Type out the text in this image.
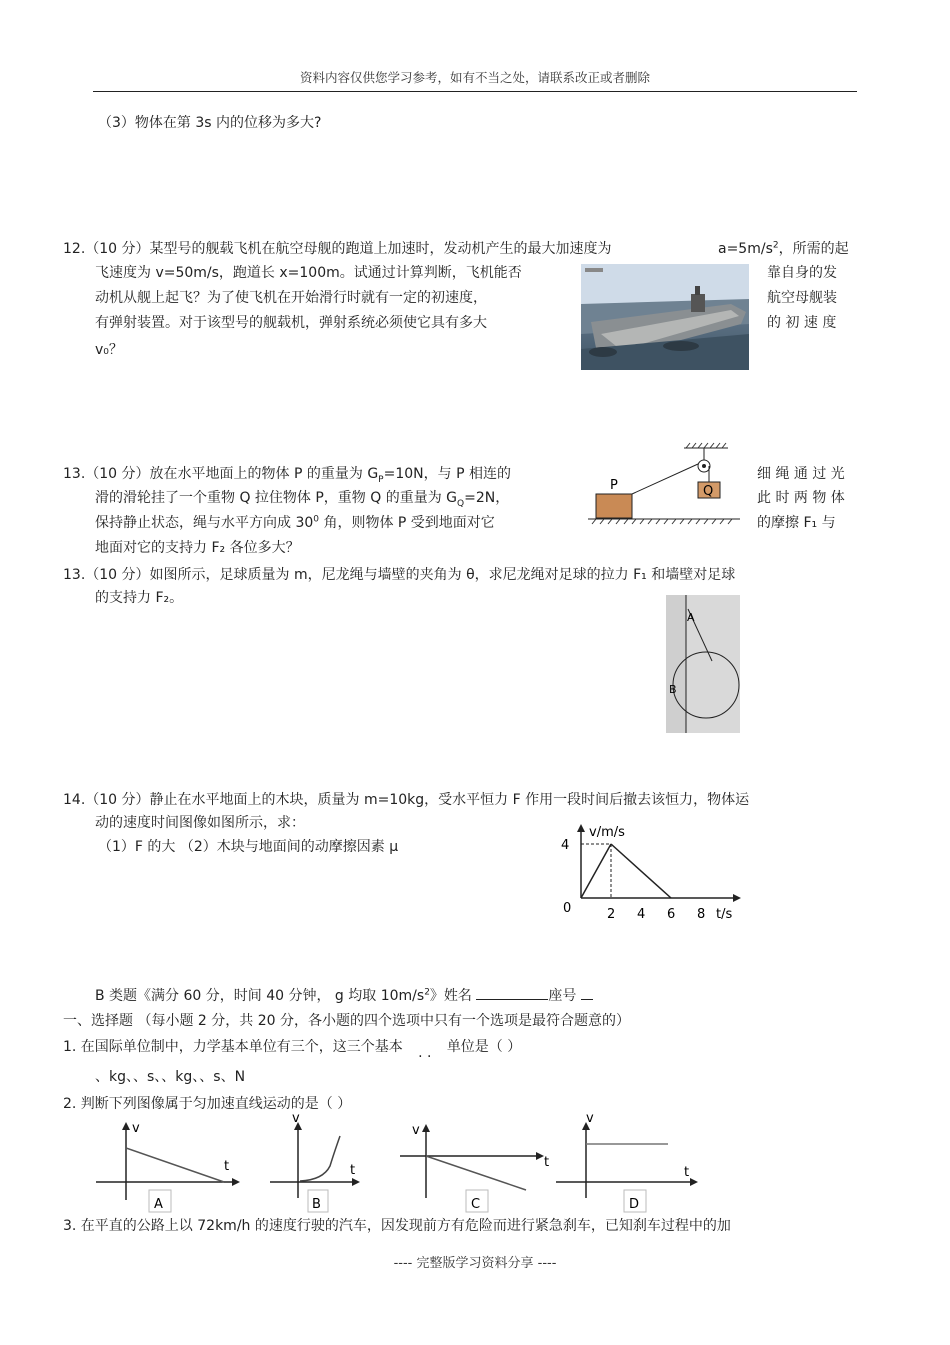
资料内容仅供您学习参考，如有不当之处，请联系改正或者删除
（3）物体在第 3s 内的位移为多大?
12.（10 分）某型号的舰载飞机在航空母舰的跑道上加速时，发动机产生的最大加速度为	$a=5m/s^2$，所需的起
飞速度为 v=50m/s，跑道长 x=100m。试通过计算判断，飞机能否	靠自身的发
动机从舰上起飞？为了使飞机在开始滑行时就有一定的初速度，	航空母舰装
有弹射装置。对于该型号的舰载机，弹射系统必须使它具有多大	的 初 速 度
v₀？
13.（10 分）放在水平地面上的物体 P 的重量为 $G_P=10N$，与 P 相连的	细 绳 通 过 光
滑的滑轮挂了一个重物 Q 拉住物体 P，重物 Q 的重量为 $G_Q=2N$，	此 时 两 物 体
保持静止状态，绳与水平方向成 $30^0$ 角，则物体 P 受到地面对它	的摩擦 F₁ 与
地面对它的支持力 F₂ 各位多大？
Q
P
13.（10 分）如图所示，足球质量为 m，尼龙绳与墙壁的夹角为 θ，求尼龙绳对足球的拉力 F₁ 和墙壁对足球
的支持力 F₂。
A
B
14.（10 分）静止在水平地面上的木块，质量为 m=10kg，受水平恒力 F 作用一段时间后撤去该恒力，物体运
动的速度时间图像如图所示，求：
（1）F 的大 （2）木块与地面间的动摩擦因素 μ
v/m/s
t/s
0	2 4 6 8
4
B 类题《满分 60 分，时间 40 分钟， g 均取 $10m/s^2$》姓名	座号
一、选择题 （每小题 2 分，共 20 分，各小题的四个选项中只有一个选项是最符合题意的）
1. 在国际单位制中，力学基本单位有三个，这三个基本 . . 单位是（ ）
、kg、、s、、kg、、s、N
2. 判断下列图像属于匀加速直线运动的是（ ）
v
t
A
v
t
B
v
t
C
v
t
D
3. 在平直的公路上以 72km/h 的速度行驶的汽车，因发现前方有危险而进行紧急刹车，已知刹车过程中的加
---- 完整版学习资料分享 ----
